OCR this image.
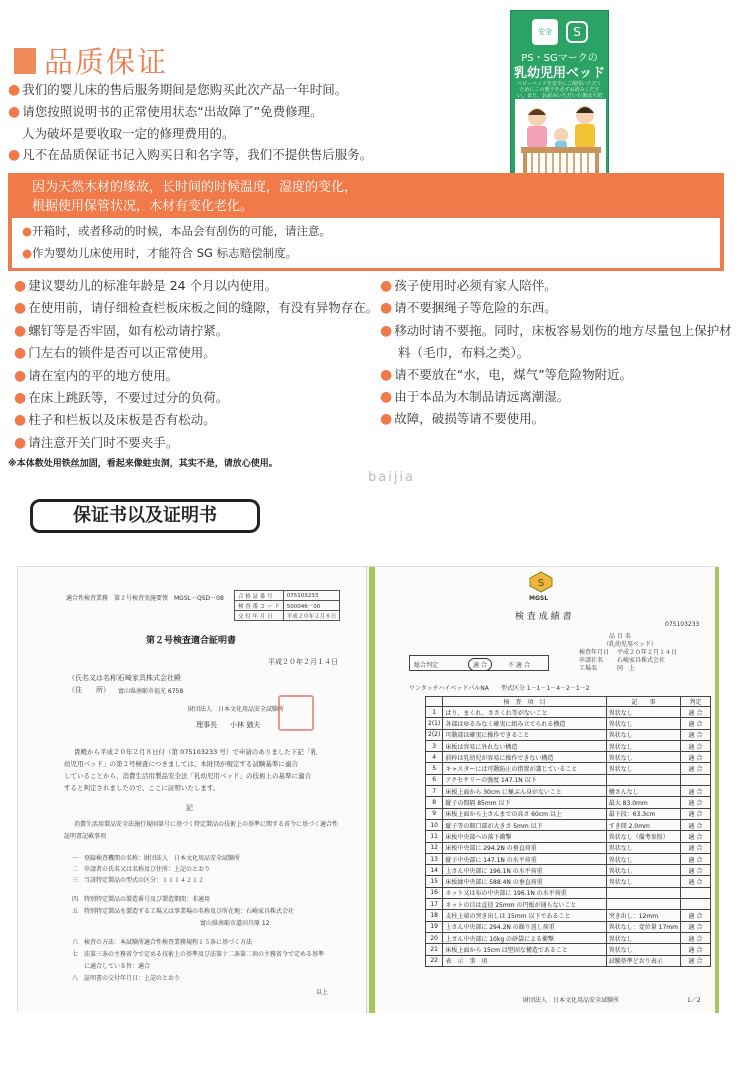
品质保证
● 我们的婴儿床的售后服务期间是您购买此次产品一年时间。
● 请您按照说明书的正常使用状态“出故障了”免费修理。
人为破坏是要收取一定的修理费用的。
● 凡不在品质保证书记入购买日和名字等，我们不提供售后服务。
安全	S
PS・SGマークの
乳幼児用ベッド
ベビーベッドを安全にご使用いただくためにこの冊子を必ずお読みください。また、お読みいただいた後は大切
因为天然木材的缘故，长时间的时候温度，湿度的变化，
根据使用保管状况，木材有变化老化。
●开箱时，或者移动的时候，本品会有刮伤的可能，请注意。
●作为婴幼儿床使用时，才能符合 SG 标志赔偿制度。
● 建议婴幼儿的标准年龄是 24 个月以内使用。
● 在使用前，请仔细检查栏板床板之间的缝隙，有没有异物存在。
● 螺钉等是否牢固，如有松动请拧紧。
● 门左右的锁件是否可以正常使用。
● 请在室内的平的地方使用。
● 在床上跳跃等，不要过过分的负荷。
● 柱子和栏板以及床板是否有松动。
● 请注意开关门时不要夹手。
● 孩子使用时必须有家人陪伴。
● 请不要捆绳子等危险的东西。
● 移动时请不要拖。同时，床板容易划伤的地方尽量包上保护材
料（毛巾，布料之类）。
● 请不要放在“水，电，煤气”等危险物附近。
● 由于本品为木制品请远离潮湿。
● 故障，破损等请不要使用。
※本体数处用铁丝加固，看起来像蛀虫洞，其实不是，请放心使用。
baijia
保证书以及证明书
適合性検査業務　第２号検査実施要領　MGSL－QSD－08	合 格 証 番 号	075103233
検 査 番 コ ー ド	500046－00
交 付 年 月 日	平成２０年２月８日
第２号検査適合証明書
平成２０年２月１４日
（氏名又は名称）
石崎家具株式会社殿
（住　　所） 富山県南砺市福光 6758
財団法人　日本文化用品安全試験所
理事長 小林 猶夫
貴殿から平成２０年２月８日付（第 075103233 号）で申請のありました下記「乳
幼児用ベッド」の第２号検査につきましては、本財団が規定する試験基準に適合
していることから、消費生活用製品安全法「乳幼児用ベッド」の技術上の基準に適合
すると判定されましたので、ここに証明いたします。
記
消費生活用製品安全法施行規則第号に基づく特定製品の技術上の基準に関する省令に基づく適合性
証明書記載事項
一　登録検査機関の名称：財団法人　日本文化用品安全試験所
二　申請者の氏名又は名称及び住所：上記のとおり
三　当該特定製品の型式の区分：１１１４２１２
四　特別特定製品の製造番号及び製造期間：非適用
五　特別特定製品を製造する工場又は事業場の名称及び所在地：石崎家具株式会社
　　　　　　　　　　　　　富山県南砺市道田川原 12
六　検査の方法：本試験所適合性検査業務規程１５条に基づく方法
七　法第三条の主務省令で定める技術上の基準及び法第十二条第二項の主務省令で定める基準
　　に適合している旨：適合
八　証明書の交付年月日：上記のとおり
以上
S
MGSL
検 査 成 績 書
075103233
品 目 名
（乳幼児用ベッド）
検査年月日 平成２０年２月１４日
申請社名 石崎家具株式会社
工場名	同　上
総合判定	適 合	不 適 合
ワンタッチハイベッドパルNA　　型式区分 1－1－1－4－2－1－2
	検　査　項　目	記　　事	判定
1	ばり、まくれ、ささくれ等がないこと	異状なし	適 合
2(1)	各部はゆるみなく確実に組み立てられる構造	異状なし	適 合
2(2)	可動部は確実に操作できること	異状なし	適 合
3	床板は容易に外れない構造	異状なし	適 合
4	前枠は乳幼児が容易に操作できない構造	異状なし	適 合
5	キャスターには可動防止の措置が講じていること	異状なし	適 合
6	アクセサリーの強度 147.1N 以下		
7	床板上面から 30cm に極ぶん身がないこと	構さんなし	適 合
8	縦子の間隔 85mm 以下	最大 83.0mm	適 合
9	床板上面から上さんまでの高さ 60cm 以上	最下段：63.3cm	適 合
10	縦子等の開口部が大きさ 5mm 以下	すき間 2.0mm	適 合
11	床板中央部への落下衝撃	異状なし（備考参照）	適 合
12	床板中央部に 294.2N の垂直荷重	異状なし	適 合
13	縦子中央部に 147.1N の水平荷重	異状なし	適 合
14	上さん中央部に 196.1N の水平荷重	異状なし	適 合
15	床板縁中央部に 588.4N の垂直荷重	異状なし	適 合
16	ネット又は布の中央部に 196.1N の水平荷重		
17	ネットの目は直径 25mm の円板が通らないこと		
18	支柱上端の突き出しは 15mm 以下であること	突き出し：12mm	適 合
19	上さん中央部に 294.2N の繰り返し荷重	異状なし：変位量 17mm	適 合
20	上さん中央部に 10kg の砂袋による衝撃	異状なし	適 合
21	床板上面から 15cm は堅固な構造であること	異状なし	適 合
22	表　示　事　項	試験基準どおり表示	適 合
財団法人　日本文化用品安全試験所	1／2
